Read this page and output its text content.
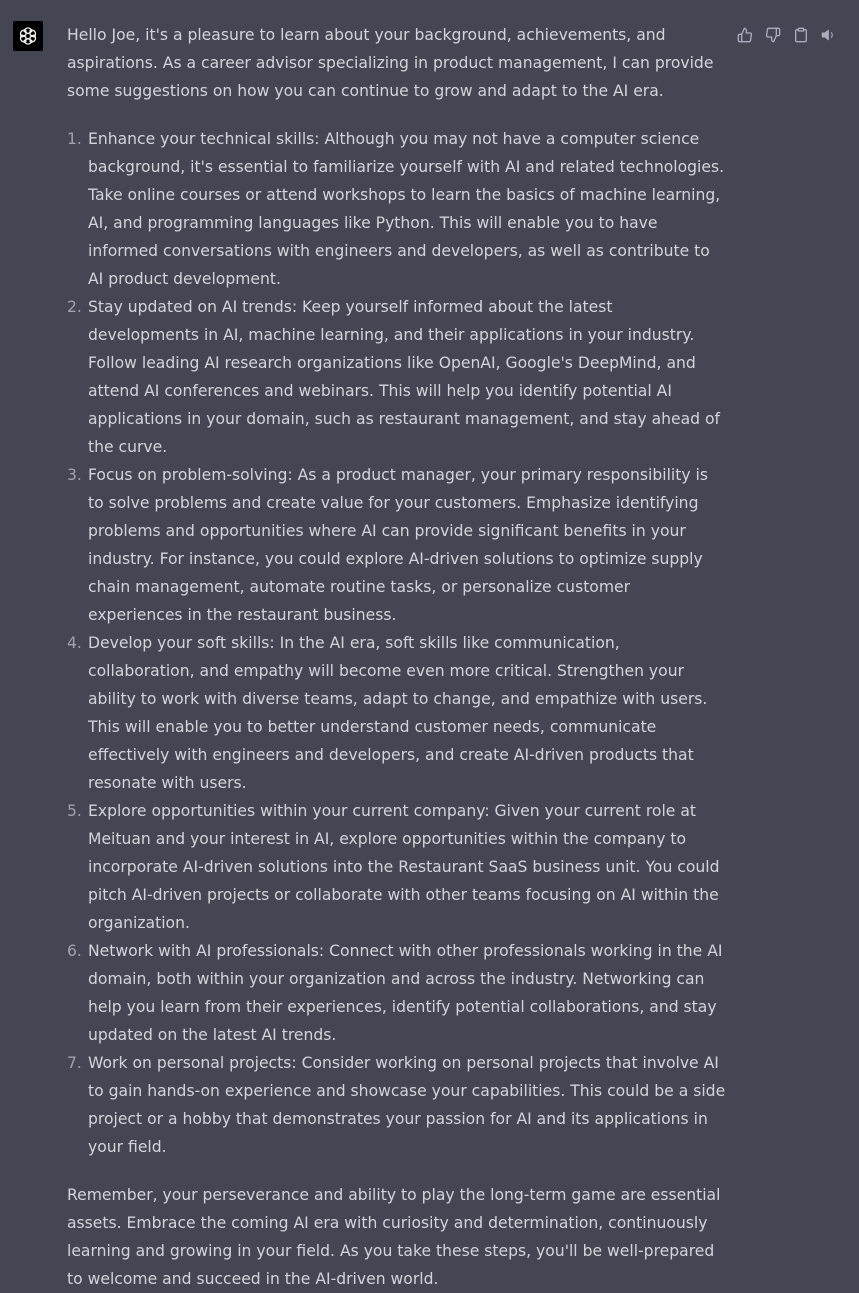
Hello Joe, it's a pleasure to learn about your background, achievements, and aspirations. As a career advisor specializing in product management, I can provide some suggestions on how you can continue to grow and adapt to the AI era.

1. Enhance your technical skills: Although you may not have a computer science background, it's essential to familiarize yourself with AI and related technologies. Take online courses or attend workshops to learn the basics of machine learning, AI, and programming languages like Python. This will enable you to have informed conversations with engineers and developers, as well as contribute to AI product development.
2. Stay updated on AI trends: Keep yourself informed about the latest developments in AI, machine learning, and their applications in your industry. Follow leading AI research organizations like OpenAI, Google's DeepMind, and attend AI conferences and webinars. This will help you identify potential AI applications in your domain, such as restaurant management, and stay ahead of the curve.
3. Focus on problem-solving: As a product manager, your primary responsibility is to solve problems and create value for your customers. Emphasize identifying problems and opportunities where AI can provide significant benefits in your industry. For instance, you could explore AI-driven solutions to optimize supply chain management, automate routine tasks, or personalize customer experiences in the restaurant business.
4. Develop your soft skills: In the AI era, soft skills like communication, collaboration, and empathy will become even more critical. Strengthen your ability to work with diverse teams, adapt to change, and empathize with users. This will enable you to better understand customer needs, communicate effectively with engineers and developers, and create AI-driven products that resonate with users.
5. Explore opportunities within your current company: Given your current role at Meituan and your interest in AI, explore opportunities within the company to incorporate AI-driven solutions into the Restaurant SaaS business unit. You could pitch AI-driven projects or collaborate with other teams focusing on AI within the organization.
6. Network with AI professionals: Connect with other professionals working in the AI domain, both within your organization and across the industry. Networking can help you learn from their experiences, identify potential collaborations, and stay updated on the latest AI trends.
7. Work on personal projects: Consider working on personal projects that involve AI to gain hands-on experience and showcase your capabilities. This could be a side project or a hobby that demonstrates your passion for AI and its applications in your field.

Remember, your perseverance and ability to play the long-term game are essential assets. Embrace the coming AI era with curiosity and determination, continuously learning and growing in your field. As you take these steps, you'll be well-prepared to welcome and succeed in the AI-driven world.
